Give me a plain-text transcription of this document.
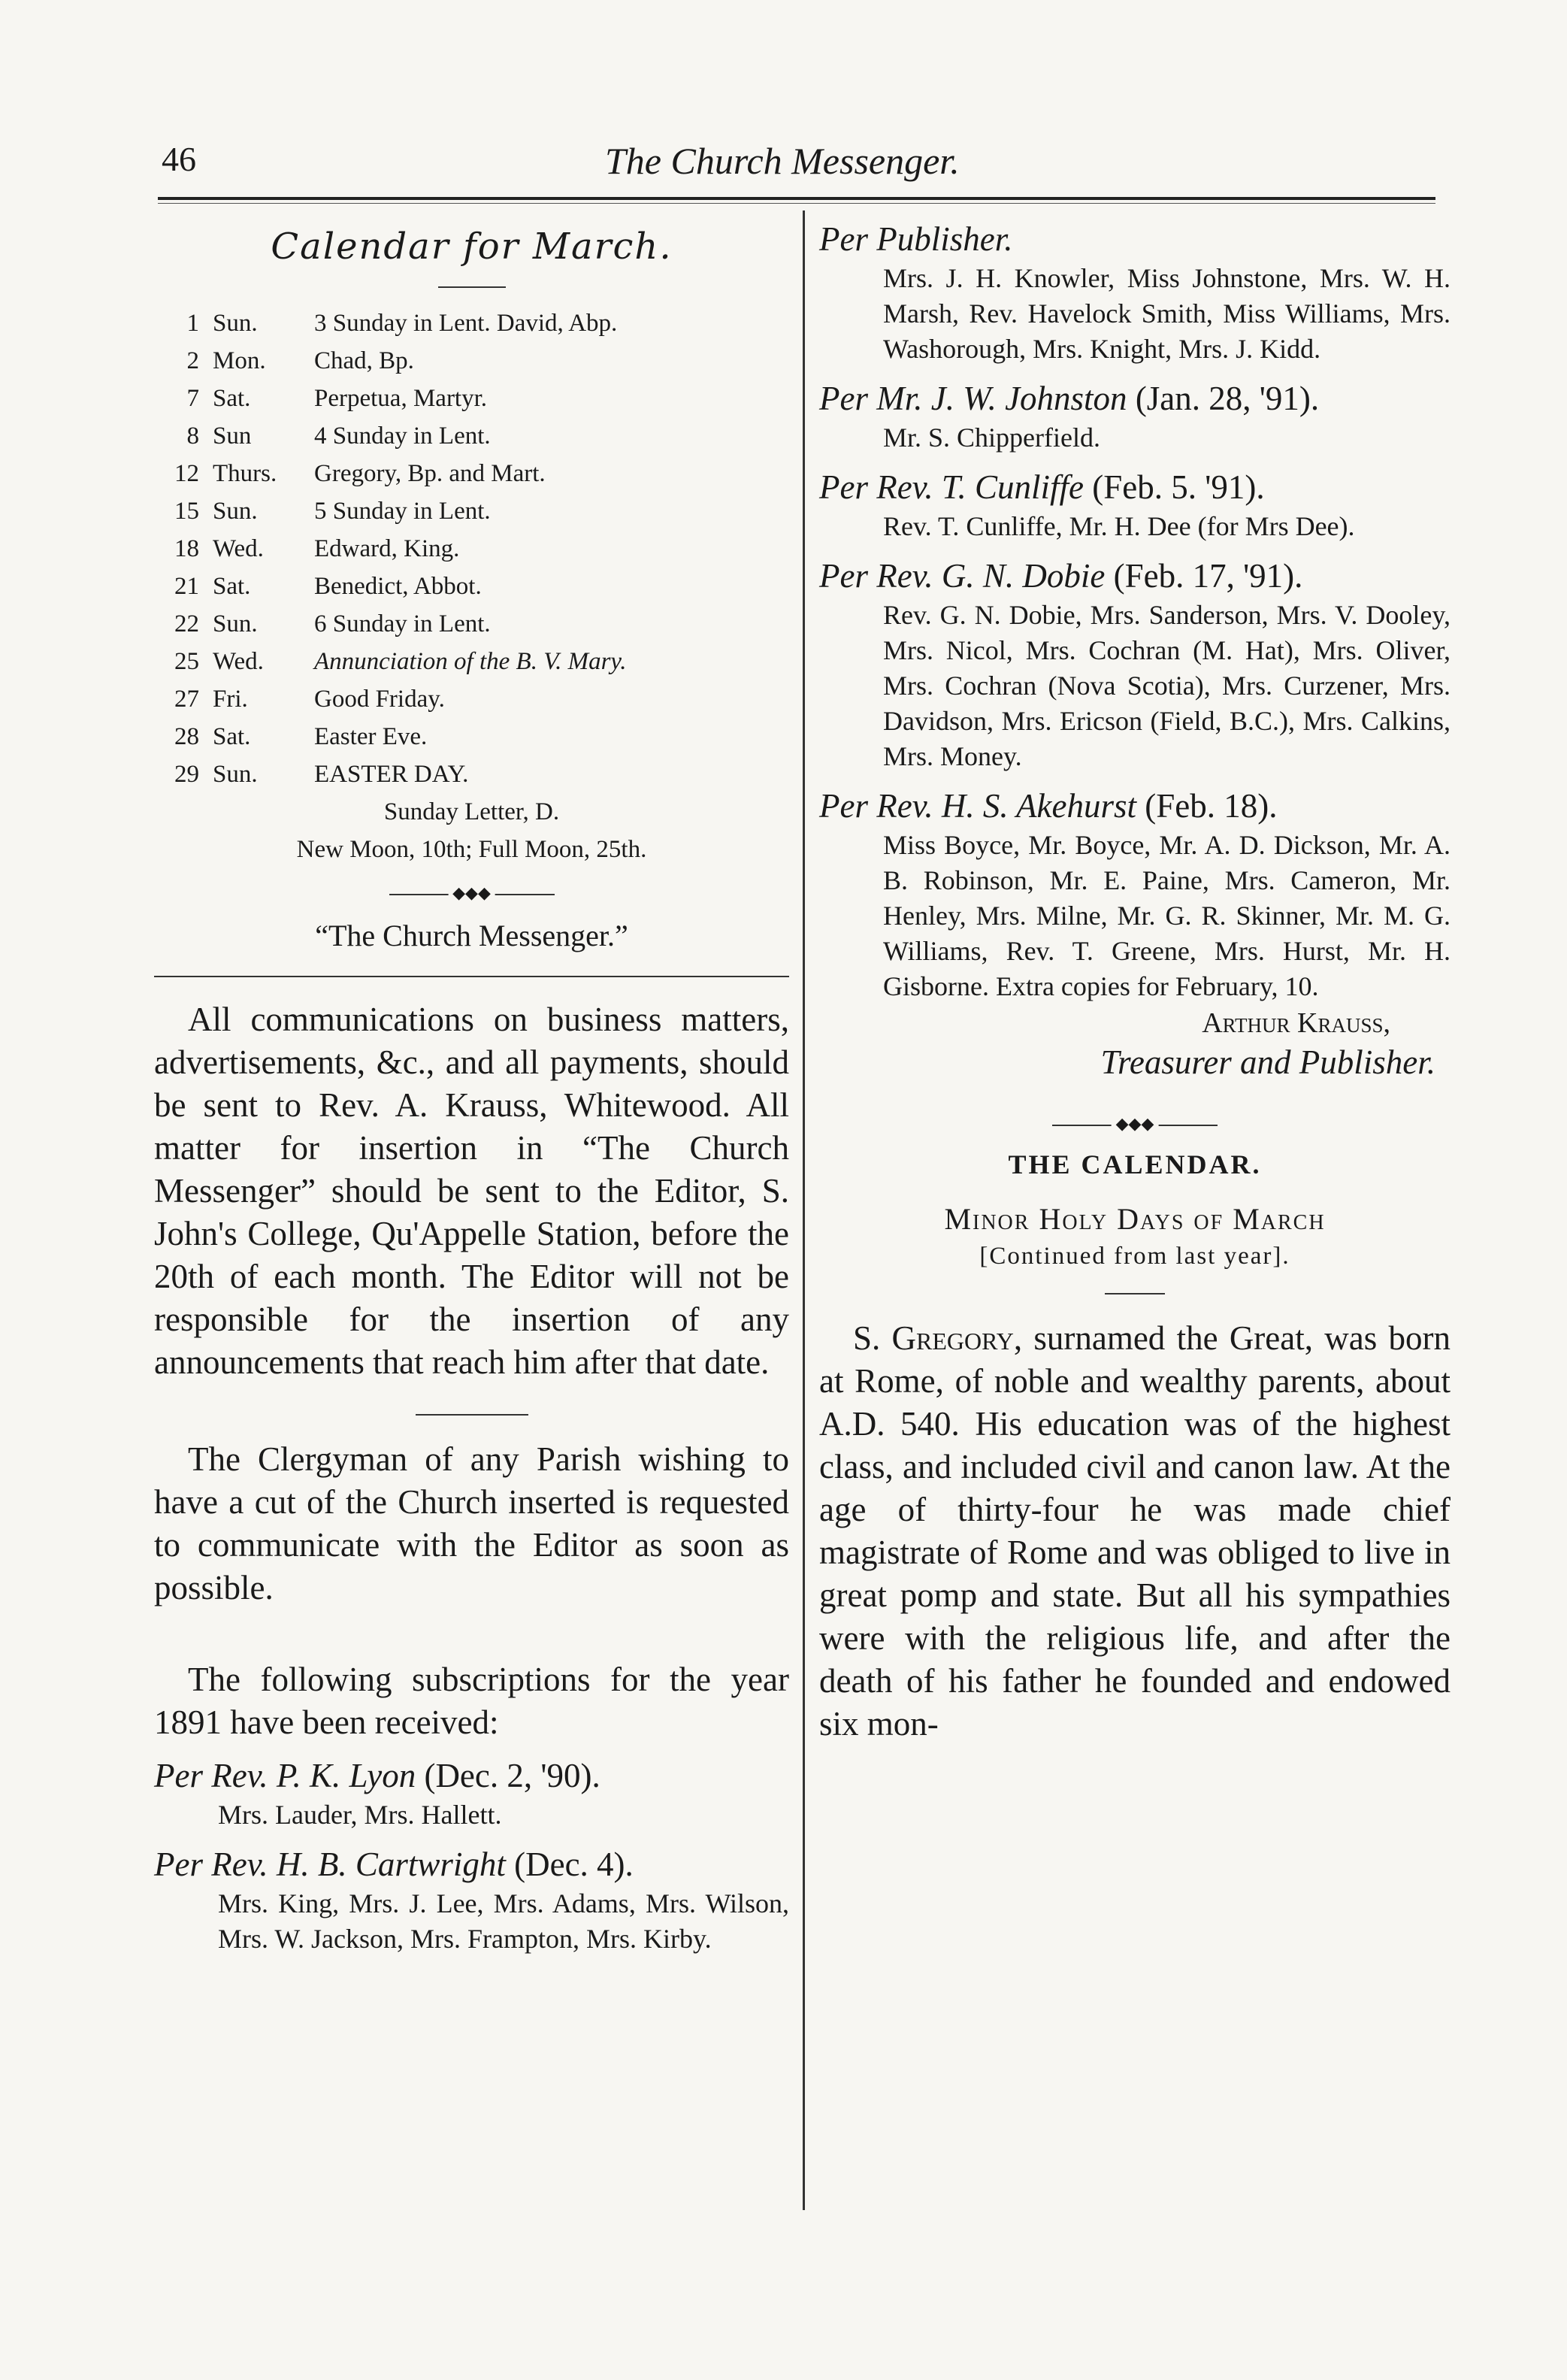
46	The Church Messenger.
Calendar for March.
1 Sun.	3 Sunday in Lent. David, Abp.
2 Mon.	Chad, Bp.
7 Sat.	Perpetua, Martyr.
8 Sun	4 Sunday in Lent.
12 Thurs.	Gregory, Bp. and Mart.
15 Sun.	5 Sunday in Lent.
18 Wed.	Edward, King.
21 Sat.	Benedict, Abbot.
22 Sun.	6 Sunday in Lent.
25 Wed.	Annunciation of the B. V. Mary.
27 Fri.	Good Friday.
28 Sat.	Easter Eve.
29 Sun.	EASTER DAY.
Sunday Letter, D.
New Moon, 10th; Full Moon, 25th.
◆◆◆
“The Church Messenger.”

All communications on business matters, advertisements, &c., and all payments, should be sent to Rev. A. Krauss, Whitewood. All matter for insertion in “The Church Messenger” should be sent to the Editor, S. John's College, Qu'Appelle Station, before the 20th of each month. The Editor will not be responsible for the insertion of any announcements that reach him after that date.

The Clergyman of any Parish wishing to have a cut of the Church inserted is requested to communicate with the Editor as soon as possible.

The following subscriptions for the year 1891 have been received:

Per Rev. P. K. Lyon (Dec. 2, '90).
Mrs. Lauder, Mrs. Hallett.
Per Rev. H. B. Cartwright (Dec. 4).
Mrs. King, Mrs. J. Lee, Mrs. Adams, Mrs. Wilson, Mrs. W. Jackson, Mrs. Frampton, Mrs. Kirby.
Per Publisher.
Mrs. J. H. Knowler, Miss Johnstone, Mrs. W. H. Marsh, Rev. Havelock Smith, Miss Williams, Mrs. Washorough, Mrs. Knight, Mrs. J. Kidd.
Per Mr. J. W. Johnston (Jan. 28, '91).
Mr. S. Chipperfield.
Per Rev. T. Cunliffe (Feb. 5. '91).
Rev. T. Cunliffe, Mr. H. Dee (for Mrs Dee).
Per Rev. G. N. Dobie (Feb. 17, '91).
Rev. G. N. Dobie, Mrs. Sanderson, Mrs. V. Dooley, Mrs. Nicol, Mrs. Cochran (M. Hat), Mrs. Oliver, Mrs. Cochran (Nova Scotia), Mrs. Curzener, Mrs. Davidson, Mrs. Ericson (Field, B.C.), Mrs. Calkins, Mrs. Money.
Per Rev. H. S. Akehurst (Feb. 18).
Miss Boyce, Mr. Boyce, Mr. A. D. Dickson, Mr. A. B. Robinson, Mr. E. Paine, Mrs. Cameron, Mr. Henley, Mrs. Milne, Mr. G. R. Skinner, Mr. M. G. Williams, Rev. T. Greene, Mrs. Hurst, Mr. H. Gisborne. Extra copies for February, 10.
Arthur Krauss,
Treasurer and Publisher.
◆◆◆
THE CALENDAR.
Minor Holy Days of March
[Continued from last year].

S. Gregory, surnamed the Great, was born at Rome, of noble and wealthy parents, about A.D. 540. His education was of the highest class, and included civil and canon law. At the age of thirty-four he was made chief magistrate of Rome and was obliged to live in great pomp and state. But all his sympathies were with the religious life, and after the death of his father he founded and endowed six mon-
